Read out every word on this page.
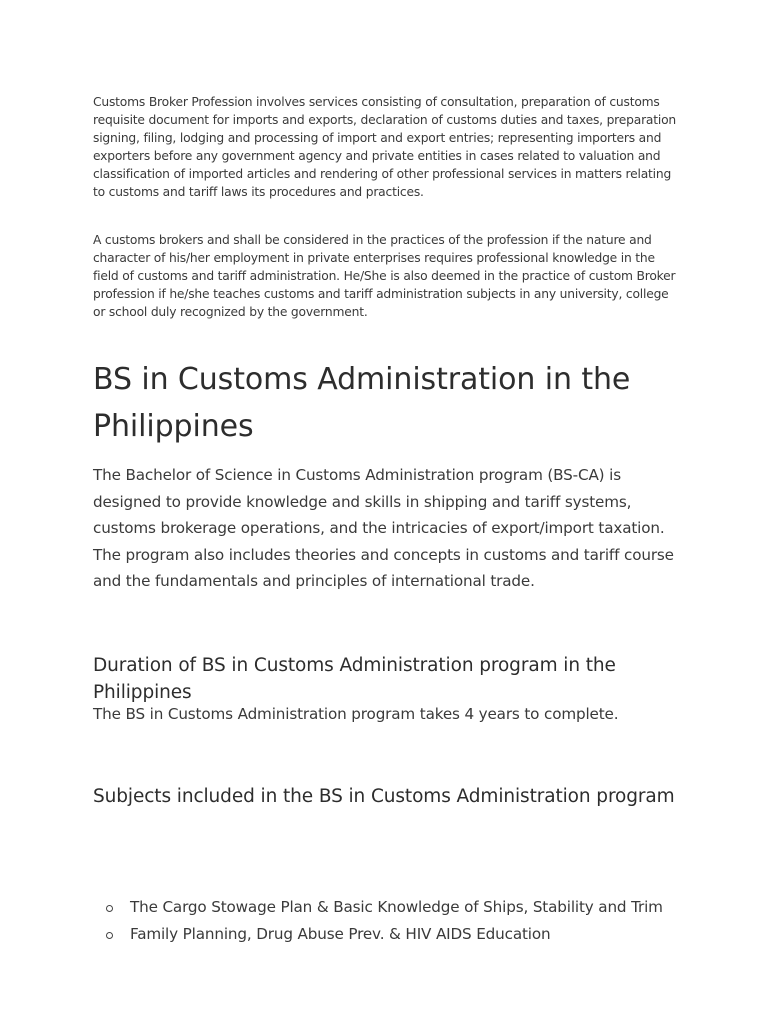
Customs Broker Profession involves services consisting of consultation, preparation of customs requisite document for imports and exports, declaration of customs duties and taxes, preparation signing, filing, lodging and processing of import and export entries; representing importers and exporters before any government agency and private entities in cases related to valuation and classification of imported articles and rendering of other professional services in matters relating to customs and tariff laws its procedures and practices.

A customs brokers and shall be considered in the practices of the profession if the nature and character of his/her employment in private enterprises requires professional knowledge in the field of customs and tariff administration. He/She is also deemed in the practice of custom Broker profession if he/she teaches customs and tariff administration subjects in any university, college or school duly recognized by the government.

BS in Customs Administration in the Philippines

The Bachelor of Science in Customs Administration program (BS-CA) is designed to provide knowledge and skills in shipping and tariff systems, customs brokerage operations, and the intricacies of export/import taxation. The program also includes theories and concepts in customs and tariff course and the fundamentals and principles of international trade.

Duration of BS in Customs Administration program in the Philippines

The BS in Customs Administration program takes 4 years to complete.

Subjects included in the BS in Customs Administration program
The Cargo Stowage Plan & Basic Knowledge of Ships, Stability and Trim
Family Planning, Drug Abuse Prev. & HIV AIDS Education
